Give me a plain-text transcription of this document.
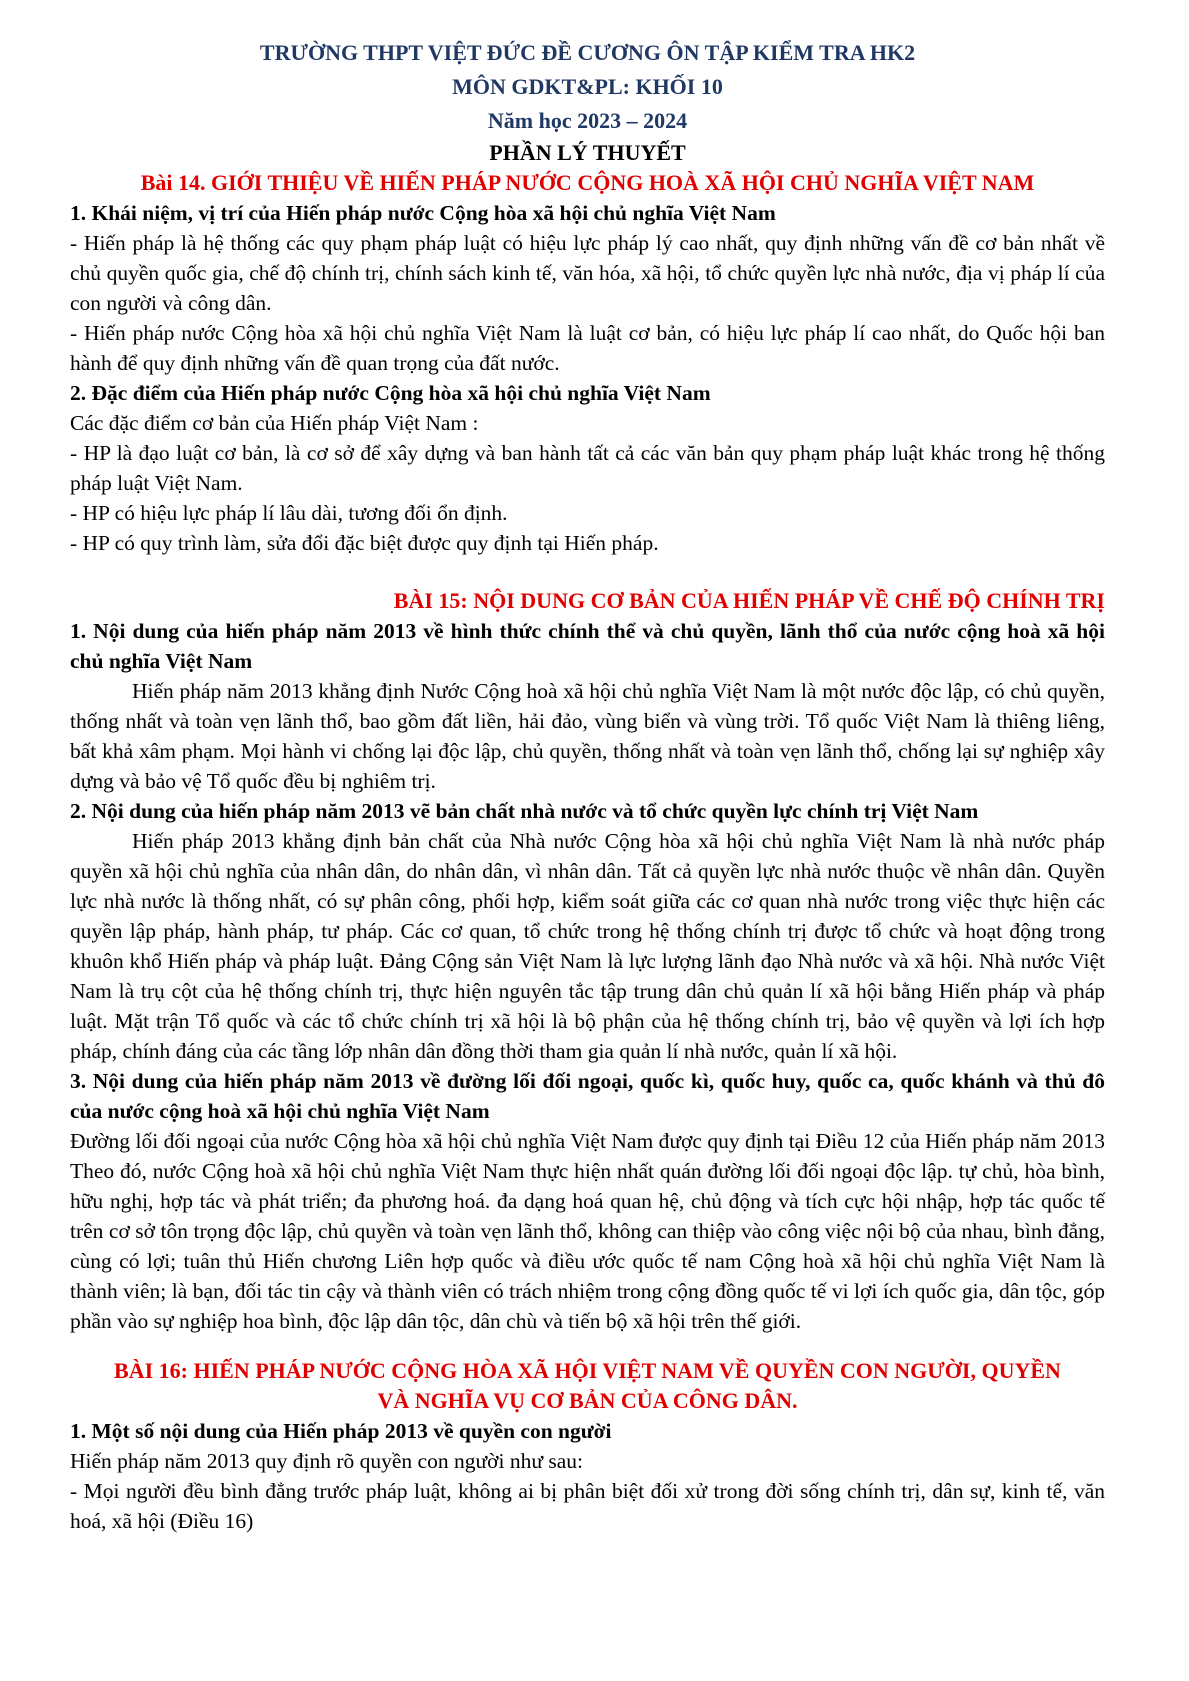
TRƯỜNG THPT VIỆT ĐỨC ĐỀ CƯƠNG ÔN TẬP KIỂM TRA HK2
MÔN GDKT&PL: KHỐI 10
Năm học 2023 – 2024
PHẦN LÝ THUYẾT
Bài 14. GIỚI THIỆU VỀ HIẾN PHÁP NƯỚC CỘNG HOÀ XÃ HỘI CHỦ NGHĨA VIỆT NAM

1. Khái niệm, vị trí của Hiến pháp nước Cộng hòa xã hội chủ nghĩa Việt Nam

- Hiến pháp là hệ thống các quy phạm pháp luật có hiệu lực pháp lý cao nhất, quy định những vấn đề cơ bản nhất về chủ quyền quốc gia, chế độ chính trị, chính sách kinh tế, văn hóa, xã hội, tổ chức quyền lực nhà nước, địa vị pháp lí của con người và công dân.

- Hiến pháp nước Cộng hòa xã hội chủ nghĩa Việt Nam là luật cơ bản, có hiệu lực pháp lí cao nhất, do Quốc hội ban hành để quy định những vấn đề quan trọng của đất nước.

2. Đặc điểm của Hiến pháp nước Cộng hòa xã hội chủ nghĩa Việt Nam

Các đặc điểm cơ bản của Hiến pháp Việt Nam :

- HP là đạo luật cơ bản, là cơ sở để xây dựng và ban hành tất cả các văn bản quy phạm pháp luật khác trong hệ thống pháp luật Việt Nam.

- HP có hiệu lực pháp lí lâu dài, tương đối ổn định.

- HP có quy trình làm, sửa đổi đặc biệt được quy định tại Hiến pháp.

BÀI 15: NỘI DUNG CƠ BẢN CỦA HIẾN PHÁP VỀ CHẾ ĐỘ CHÍNH TRỊ

1. Nội dung của hiến pháp năm 2013 về hình thức chính thể và chủ quyền, lãnh thổ của nước cộng hoà xã hội chủ nghĩa Việt Nam

Hiến pháp năm 2013 khẳng định Nước Cộng hoà xã hội chủ nghĩa Việt Nam là một nước độc lập, có chủ quyền, thống nhất và toàn vẹn lãnh thổ, bao gồm đất liền, hải đảo, vùng biển và vùng trời. Tổ quốc Việt Nam là thiêng liêng, bất khả xâm phạm. Mọi hành vi chống lại độc lập, chủ quyền, thống nhất và toàn vẹn lãnh thổ, chống lại sự nghiệp xây dựng và bảo vệ Tổ quốc đều bị nghiêm trị.

2. Nội dung của hiến pháp năm 2013 vẽ bản chất nhà nước và tổ chức quyền lực chính trị Việt Nam

Hiến pháp 2013 khẳng định bản chất của Nhà nước Cộng hòa xã hội chủ nghĩa Việt Nam là nhà nước pháp quyền xã hội chủ nghĩa của nhân dân, do nhân dân, vì nhân dân. Tất cả quyền lực nhà nước thuộc về nhân dân. Quyền lực nhà nước là thống nhất, có sự phân công, phối hợp, kiểm soát giữa các cơ quan nhà nước trong việc thực hiện các quyền lập pháp, hành pháp, tư pháp. Các cơ quan, tổ chức trong hệ thống chính trị được tổ chức và hoạt động trong khuôn khổ Hiến pháp và pháp luật. Đảng Cộng sản Việt Nam là lực lượng lãnh đạo Nhà nước và xã hội. Nhà nước Việt Nam là trụ cột của hệ thống chính trị, thực hiện nguyên tắc tập trung dân chủ quản lí xã hội bằng Hiến pháp và pháp luật. Mặt trận Tổ quốc và các tổ chức chính trị xã hội là bộ phận của hệ thống chính trị, bảo vệ quyền và lợi ích hợp pháp, chính đáng của các tầng lớp nhân dân đồng thời tham gia quản lí nhà nước, quản lí xã hội.

3. Nội dung của hiến pháp năm 2013 về đường lối đối ngoại, quốc kì, quốc huy, quốc ca, quốc khánh và thủ đô của nước cộng hoà xã hội chủ nghĩa Việt Nam

Đường lối đối ngoại của nước Cộng hòa xã hội chủ nghĩa Việt Nam được quy định tại Điều 12 của Hiến pháp năm 2013 Theo đó, nước Cộng hoà xã hội chủ nghĩa Việt Nam thực hiện nhất quán đường lối đối ngoại độc lập. tự chủ, hòa bình, hữu nghị, hợp tác và phát triển; đa phương hoá. đa dạng hoá quan hệ, chủ động và tích cực hội nhập, hợp tác quốc tế trên cơ sở tôn trọng độc lập, chủ quyền và toàn vẹn lãnh thổ, không can thiệp vào công việc nội bộ của nhau, bình đẳng, cùng có lợi; tuân thủ Hiến chương Liên hợp quốc và điều ước quốc tế nam Cộng hoà xã hội chủ nghĩa Việt Nam là thành viên; là bạn, đối tác tin cậy và thành viên có trách nhiệm trong cộng đồng quốc tế vi lợi ích quốc gia, dân tộc, góp phần vào sự nghiệp hoa bình, độc lập dân tộc, dân chù và tiến bộ xã hội trên thế giới.

BÀI 16: HIẾN PHÁP NƯỚC CỘNG HÒA XÃ HỘI VIỆT NAM VỀ QUYỀN CON NGƯỜI, QUYỀN
VÀ NGHĨA VỤ CƠ BẢN CỦA CÔNG DÂN.

1. Một số nội dung của Hiến pháp 2013 về quyền con người

Hiến pháp năm 2013 quy định rõ quyền con người như sau:

- Mọi người đều bình đẳng trước pháp luật, không ai bị phân biệt đối xử trong đời sống chính trị, dân sự, kinh tế, văn hoá, xã hội (Điều 16)
